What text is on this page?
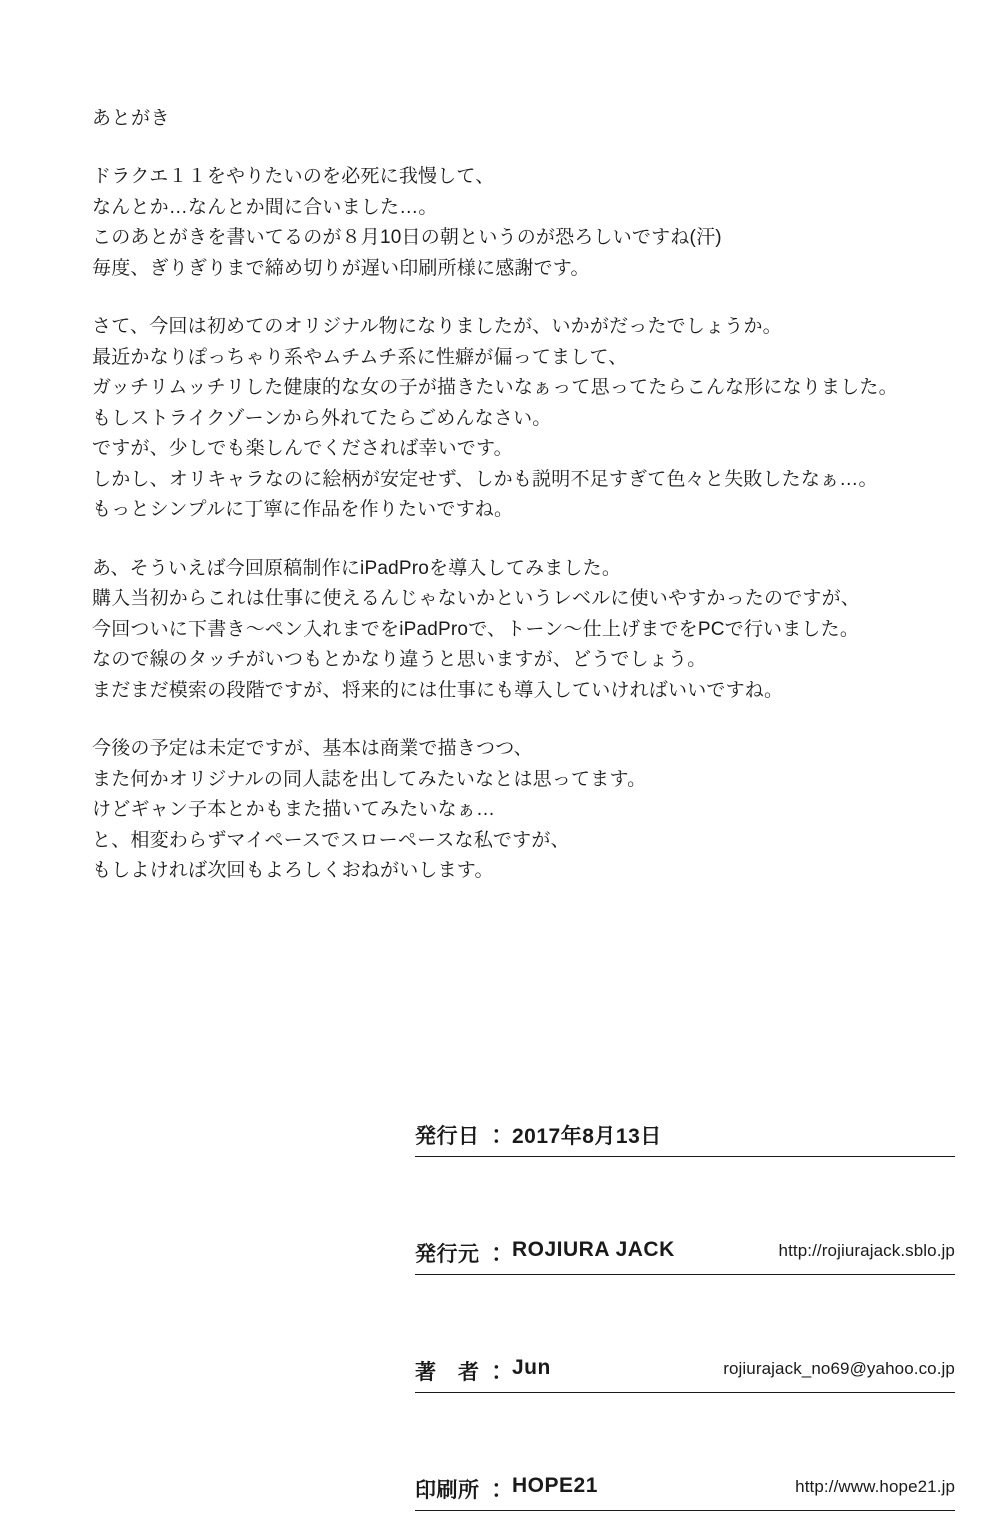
あとがき
ドラクエ１１をやりたいのを必死に我慢して、
なんとか…なんとか間に合いました…。
このあとがきを書いてるのが８月10日の朝というのが恐ろしいですね(汗)
毎度、ぎりぎりまで締め切りが遅い印刷所様に感謝です。
さて、今回は初めてのオリジナル物になりましたが、いかがだったでしょうか。
最近かなりぽっちゃり系やムチムチ系に性癖が偏ってまして、
ガッチリムッチリした健康的な女の子が描きたいなぁって思ってたらこんな形になりました。
もしストライクゾーンから外れてたらごめんなさい。
ですが、少しでも楽しんでくだされば幸いです。
しかし、オリキャラなのに絵柄が安定せず、しかも説明不足すぎて色々と失敗したなぁ…。
もっとシンプルに丁寧に作品を作りたいですね。
あ、そういえば今回原稿制作にiPadProを導入してみました。
購入当初からこれは仕事に使えるんじゃないかというレベルに使いやすかったのですが、
今回ついに下書き〜ペン入れまでをiPadProで、トーン〜仕上げまでをPCで行いました。
なので線のタッチがいつもとかなり違うと思いますが、どうでしょう。
まだまだ模索の段階ですが、将来的には仕事にも導入していければいいですね。
今後の予定は未定ですが、基本は商業で描きつつ、
また何かオリジナルの同人誌を出してみたいなとは思ってます。
けどギャン子本とかもまた描いてみたいなぁ…
と、相変わらずマイペースでスローペースな私ですが、
もしよければ次回もよろしくおねがいします。
発行日 ： 2017年8月13日
発行元 ： ROJIURA JACK	http://rojiurajack.sblo.jp
著　者 ： Jun	rojiurajack_no69@yahoo.co.jp
印刷所 ： HOPE21	http://www.hope21.jp
